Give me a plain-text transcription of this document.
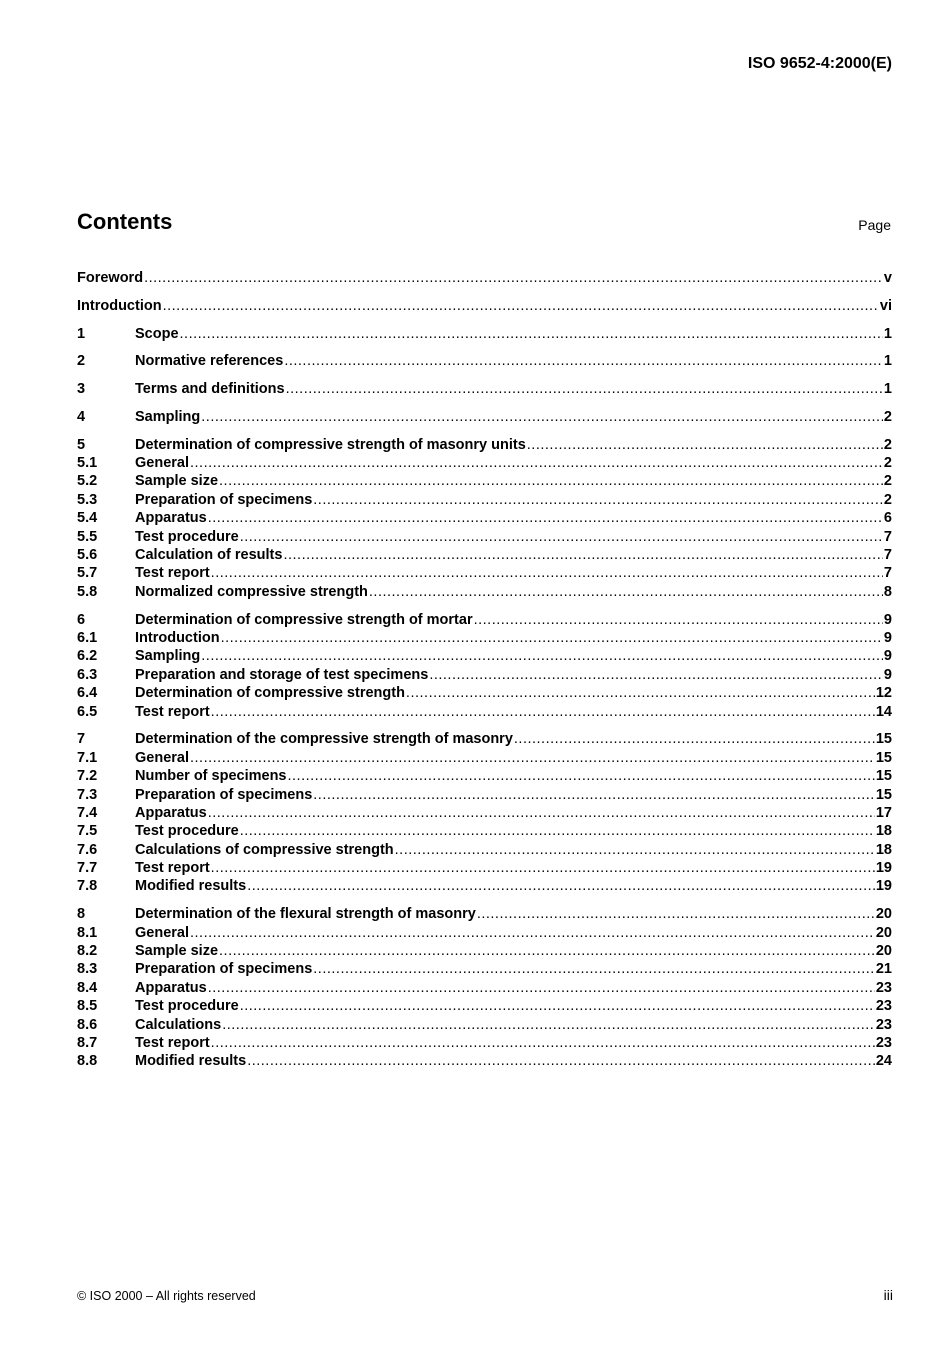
ISO 9652-4:2000(E)
Contents	Page
Foreword .....	v
Introduction .....	vi
1	Scope .....	1
2	Normative references .....	1
3	Terms and definitions .....	1
4	Sampling .....	2
5	Determination of compressive strength of masonry units .....	2
5.1	General .....	2
5.2	Sample size .....	2
5.3	Preparation of specimens .....	2
5.4	Apparatus .....	6
5.5	Test procedure .....	7
5.6	Calculation of results .....	7
5.7	Test report .....	7
5.8	Normalized compressive strength .....	8
6	Determination of compressive strength of mortar .....	9
6.1	Introduction .....	9
6.2	Sampling .....	9
6.3	Preparation and storage of test specimens .....	9
6.4	Determination of compressive strength .....	12
6.5	Test report .....	14
7	Determination of the compressive strength of masonry .....	15
7.1	General .....	15
7.2	Number of specimens .....	15
7.3	Preparation of specimens .....	15
7.4	Apparatus .....	17
7.5	Test procedure .....	18
7.6	Calculations of compressive strength .....	18
7.7	Test report .....	19
7.8	Modified results .....	19
8	Determination of the flexural strength of masonry .....	20
8.1	General .....	20
8.2	Sample size .....	20
8.3	Preparation of specimens .....	21
8.4	Apparatus .....	23
8.5	Test procedure .....	23
8.6	Calculations .....	23
8.7	Test report .....	23
8.8	Modified results .....	24
© ISO 2000 – All rights reserved	iii
